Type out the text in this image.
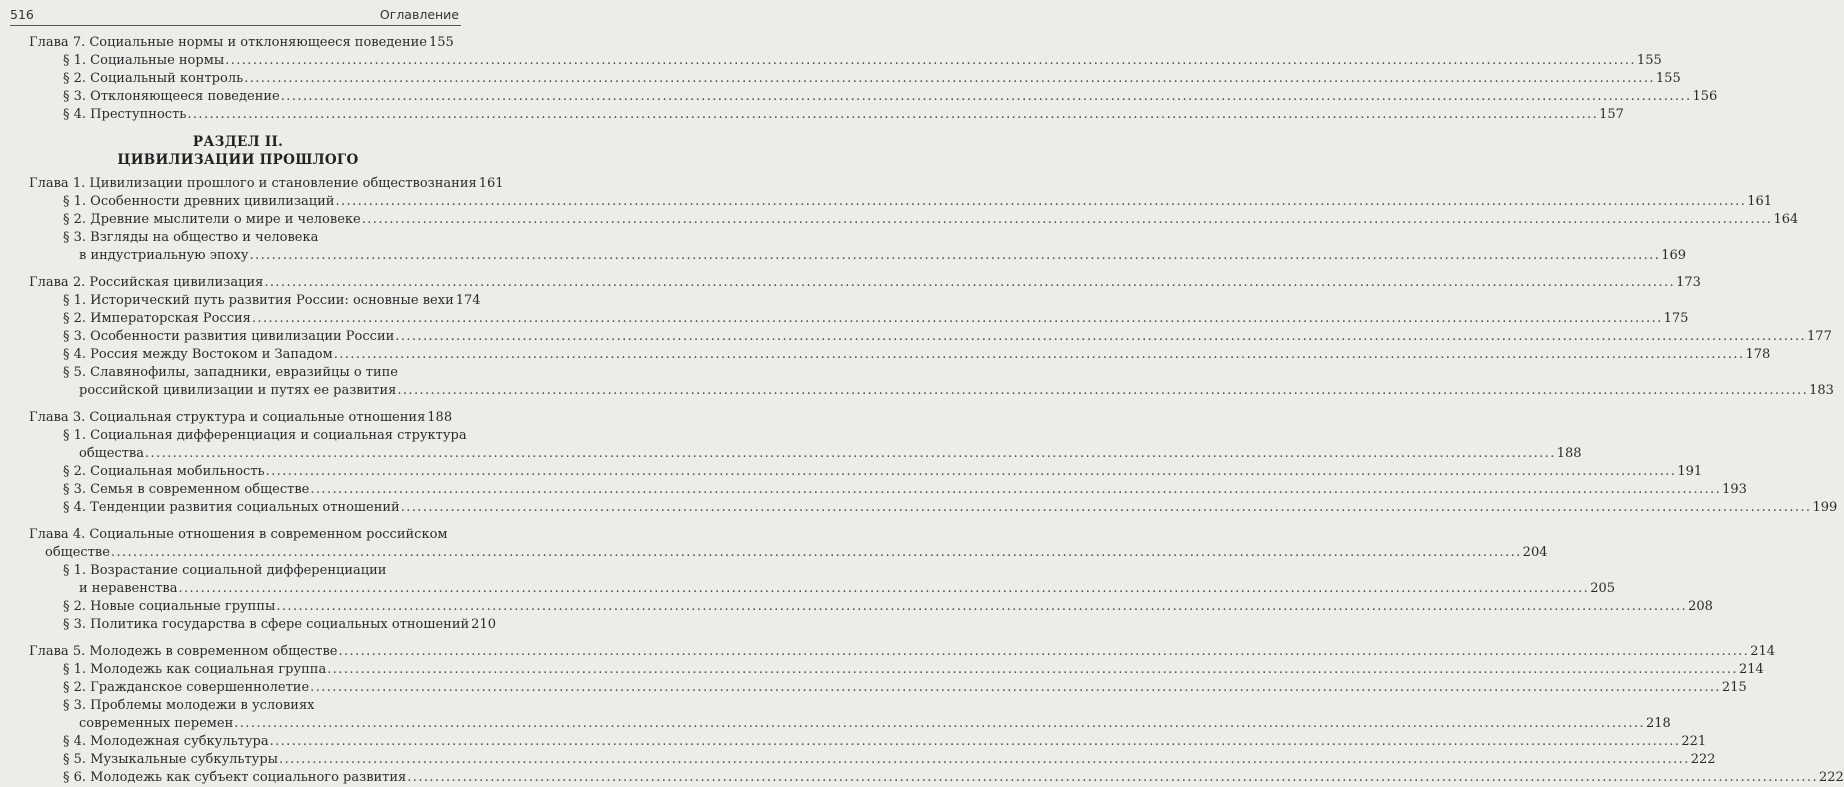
516	Оглавление
Глава 7. Социальные нормы и отклоняющееся поведение 155
§ 1. Социальные нормы .....	155
§ 2. Социальный контроль .....	155
§ 3. Отклоняющееся поведение .....	156
§ 4. Преступность .....	157
РАЗДЕЛ II.
ЦИВИЛИЗАЦИИ ПРОШЛОГО
Глава 1. Цивилизации прошлого и становление обществознания 161
§ 1. Особенности древних цивилизаций .....	161
§ 2. Древние мыслители о мире и человеке .....	164
§ 3. Взгляды на общество и человека
в индустриальную эпоху .....	169
Глава 2. Российская цивилизация .....	173
§ 1. Исторический путь развития России: основные вехи 174
§ 2. Императорская Россия .....	175
§ 3. Особенности развития цивилизации России .....	177
§ 4. Россия между Востоком и Западом .....	178
§ 5. Славянофилы, западники, евразийцы о типе
российской цивилизации и путях ее развития .....	183
Глава 3. Социальная структура и социальные отношения 188
§ 1. Социальная дифференциация и социальная структура
общества .....	188
§ 2. Социальная мобильность .....	191
§ 3. Семья в современном обществе .....	193
§ 4. Тенденции развития социальных отношений .....	199
Глава 4. Социальные отношения в современном российском
обществе .....	204
§ 1. Возрастание социальной дифференциации
и неравенства .....	205
§ 2. Новые социальные группы .....	208
§ 3. Политика государства в сфере социальных отношений 210
Глава 5. Молодежь в современном обществе .....	214
§ 1. Молодежь как социальная группа .....	214
§ 2. Гражданское совершеннолетие .....	215
§ 3. Проблемы молодежи в условиях
современных перемен .....	218
§ 4. Молодежная субкультура .....	221
§ 5. Музыкальные субкультуры .....	222
§ 6. Молодежь как субъект социального развития .....	222
